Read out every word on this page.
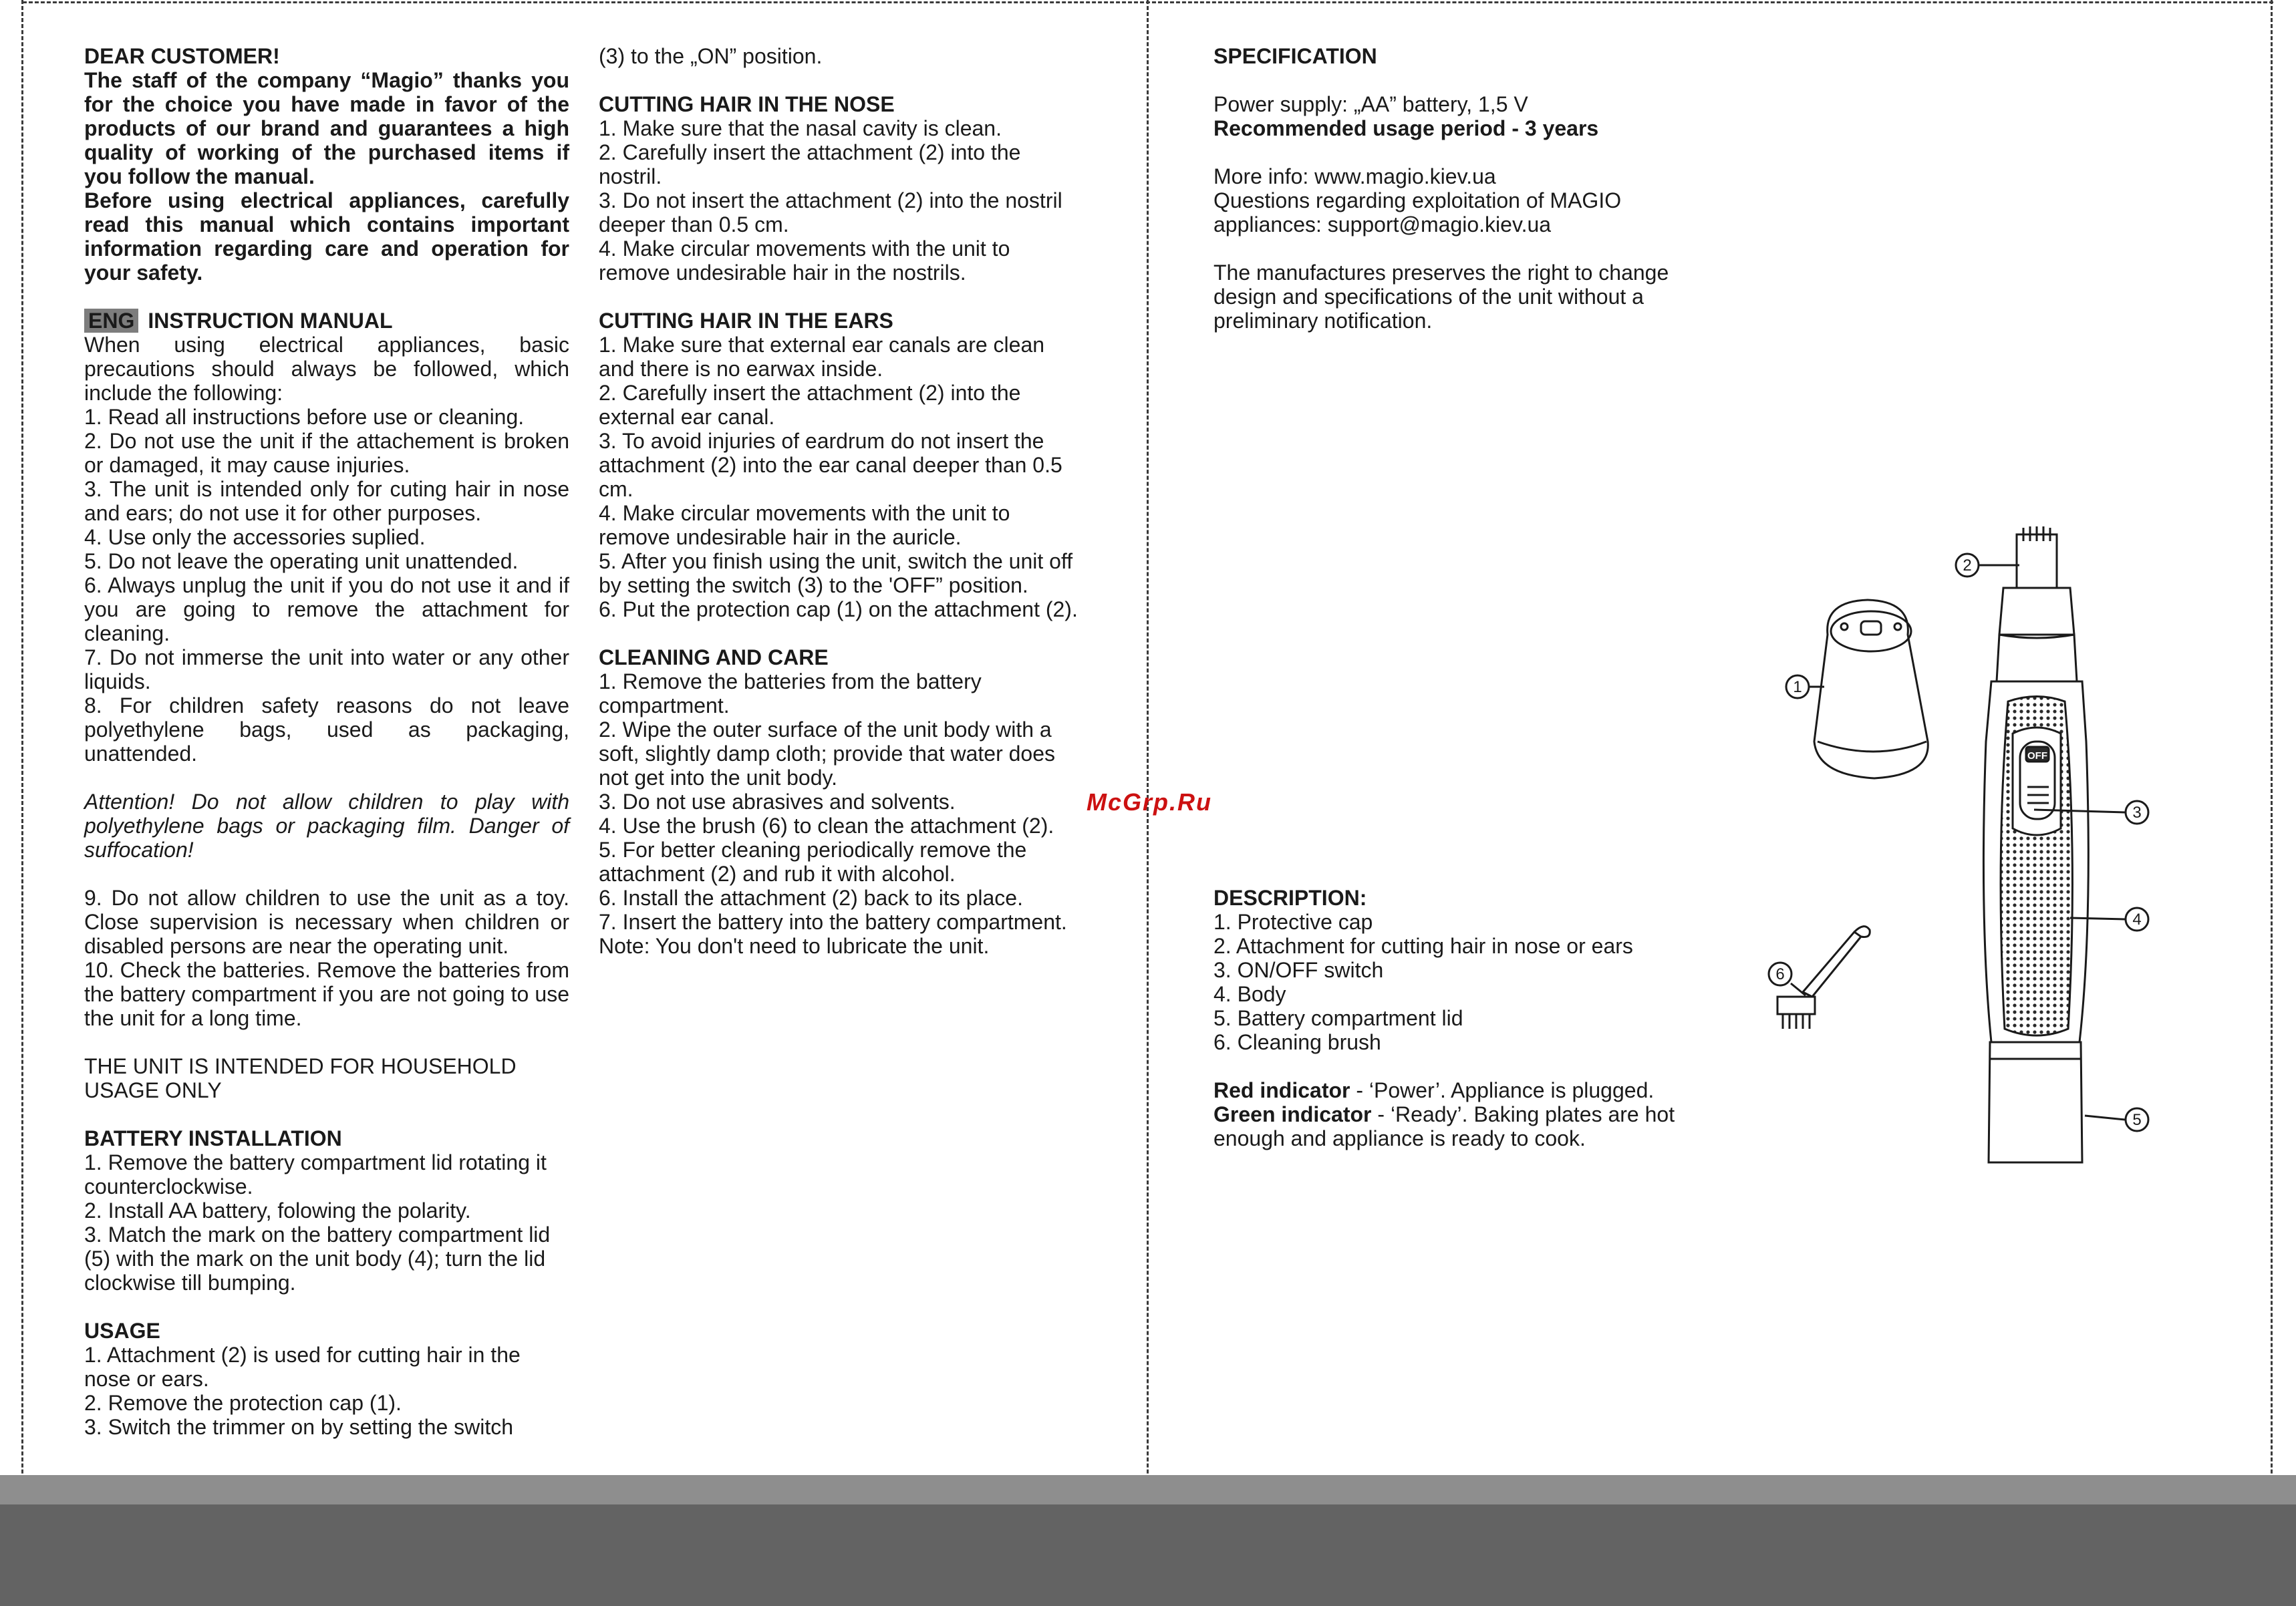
DEAR CUSTOMER!

The staff of the company “Magio” thanks you for the choice you have made in favor of the products of our brand and guarantees a high quality of working of the purchased items if you follow the manual.

Before using electrical appliances, carefully read this manual which contains important information regarding care and operation for your safety.

ENG INSTRUCTION MANUAL

When using electrical appliances, basic precautions should always be followed, which include the following:

1. Read all instructions before use or cleaning.

2. Do not use the unit if the attachement is broken or damaged, it may cause injuries.

3. The unit is intended only for cuting hair in nose and ears; do not use it for other purposes.

4. Use only the accessories suplied.

5. Do not leave the operating unit unattended.

6. Always unplug the unit if you do not use it and if you are going to remove the attachment for cleaning.

7. Do not immerse the unit into water or any other liquids.

8. For children safety reasons do not leave polyethylene bags, used as packaging, unattended.

Attention! Do not allow children to play with polyethylene bags or packaging film. Danger of suffocation!

9. Do not allow children to use the unit as a toy. Close supervision is necessary when children or disabled persons are near the operating unit.

10. Check the batteries. Remove the batteries from the battery compartment if you are not going to use the unit for a long time.

THE UNIT IS INTENDED FOR HOUSEHOLD USAGE ONLY

BATTERY INSTALLATION

1. Remove the battery compartment lid rotating it counterclockwise.

2. Install AA battery, folowing the polarity.

3. Match the mark on the battery compartment lid (5) with the mark on the unit body (4); turn the lid clockwise till bumping.

USAGE

1. Attachment (2) is used for cutting hair in the nose or ears.

2. Remove the protection cap (1).

3. Switch the trimmer on by setting the switch

(3) to the „ON” position.

CUTTING HAIR IN THE NOSE

1. Make sure that the nasal cavity is clean.

2. Carefully insert the attachment (2) into the nostril.

3. Do not insert the attachment (2) into the nostril deeper than 0.5 cm.

4. Make circular movements with the unit to remove undesirable hair in the nostrils.

CUTTING HAIR IN THE EARS

1. Make sure that external ear canals are clean and there is no earwax inside.

2. Carefully insert the attachment (2) into the external ear canal.

3. To avoid injuries of eardrum do not insert the attachment (2) into the ear canal deeper than 0.5 cm.

4. Make circular movements with the unit to remove undesirable hair in the auricle.

5. After you finish using the unit, switch the unit off by setting the switch (3) to the 'OFF” position.

6. Put the protection cap (1) on the attachment (2).

CLEANING AND CARE

1. Remove the batteries from the battery compartment.

2. Wipe the outer surface of the unit body with a soft, slightly damp cloth; provide that water does not get into the unit body.

3. Do not use abrasives and solvents.

4. Use the brush (6) to clean the attachment (2).

5. For better cleaning periodically remove the attachment (2) and rub it with alcohol.

6. Install the attachment (2) back to its place.

7. Insert the battery into the battery compartment.

Note: You don't need to lubricate the unit.

SPECIFICATION

Power supply: „AA” battery, 1,5 V

Recommended usage period - 3 years

More info: www.magio.kiev.ua

Questions regarding exploitation of MAGIO appliances: support@magio.kiev.ua

The manufactures preserves the right to change design and specifications of the unit without a preliminary notification.

DESCRIPTION:

1. Protective cap

2. Attachment for cutting hair in nose or ears

3. ON/OFF switch

4. Body

5. Battery compartment lid

6. Cleaning brush

Red indicator - ‘Power’. Appliance is plugged.

Green indicator - ‘Ready’. Baking plates are hot enough and appliance is ready to cook.

McGrp.Ru
OFF
1
2
3
4
5
6
